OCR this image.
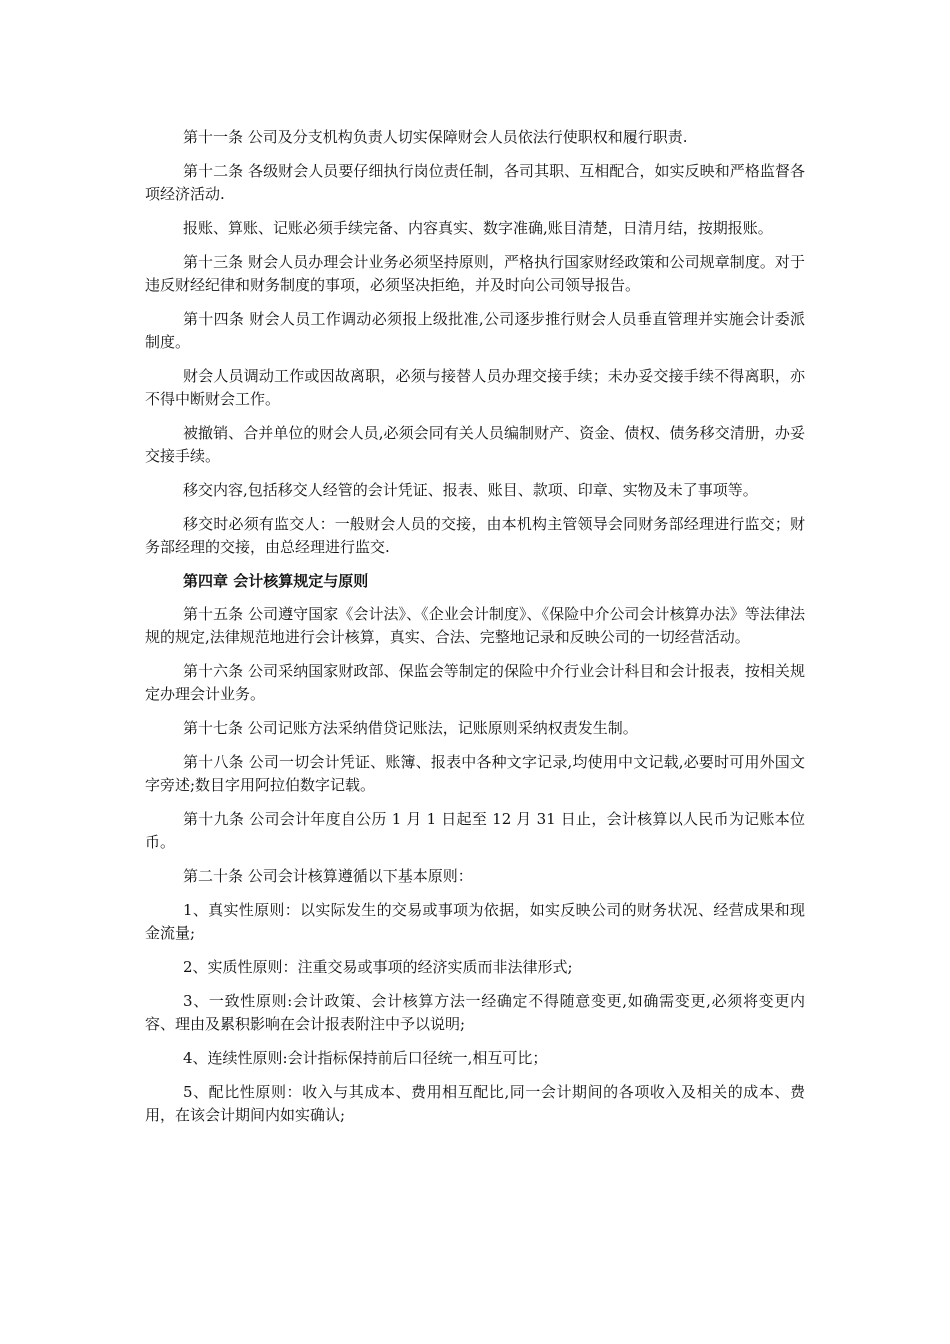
第十一条 公司及分支机构负责人切实保障财会人员依法行使职权和履行职责.

第十二条 各级财会人员要仔细执行岗位责任制，各司其职、互相配合，如实反映和严格监督各项经济活动.

报账、算账、记账必须手续完备、内容真实、数字准确,账目清楚，日清月结，按期报账。

第十三条 财会人员办理会计业务必须坚持原则，严格执行国家财经政策和公司规章制度。对于违反财经纪律和财务制度的事项，必须坚决拒绝，并及时向公司领导报告。

第十四条 财会人员工作调动必须报上级批准,公司逐步推行财会人员垂直管理并实施会计委派制度。

财会人员调动工作或因故离职，必须与接替人员办理交接手续；未办妥交接手续不得离职，亦不得中断财会工作。

被撤销、合并单位的财会人员,必须会同有关人员编制财产、资金、债权、债务移交清册，办妥交接手续。

移交内容,包括移交人经管的会计凭证、报表、账目、款项、印章、实物及未了事项等。

移交时必须有监交人：一般财会人员的交接，由本机构主管领导会同财务部经理进行监交；财务部经理的交接，由总经理进行监交.

第四章 会计核算规定与原则

第十五条 公司遵守国家《会计法》、《企业会计制度》、《保险中介公司会计核算办法》等法律法规的规定,法律规范地进行会计核算，真实、合法、完整地记录和反映公司的一切经营活动。

第十六条 公司采纳国家财政部、保监会等制定的保险中介行业会计科目和会计报表，按相关规定办理会计业务。

第十七条 公司记账方法采纳借贷记账法，记账原则采纳权责发生制。

第十八条 公司一切会计凭证、账簿、报表中各种文字记录,均使用中文记载,必要时可用外国文字旁述;数目字用阿拉伯数字记载。

第十九条 公司会计年度自公历 1 月 1 日起至 12 月 31 日止，会计核算以人民币为记账本位币。

第二十条 公司会计核算遵循以下基本原则：

1、真实性原则：以实际发生的交易或事项为依据，如实反映公司的财务状况、经营成果和现金流量;

2、实质性原则：注重交易或事项的经济实质而非法律形式;

3、一致性原则:会计政策、会计核算方法一经确定不得随意变更,如确需变更,必须将变更内容、理由及累积影响在会计报表附注中予以说明;

4、连续性原则:会计指标保持前后口径统一,相互可比；

5、配比性原则：收入与其成本、费用相互配比,同一会计期间的各项收入及相关的成本、费用，在该会计期间内如实确认;
